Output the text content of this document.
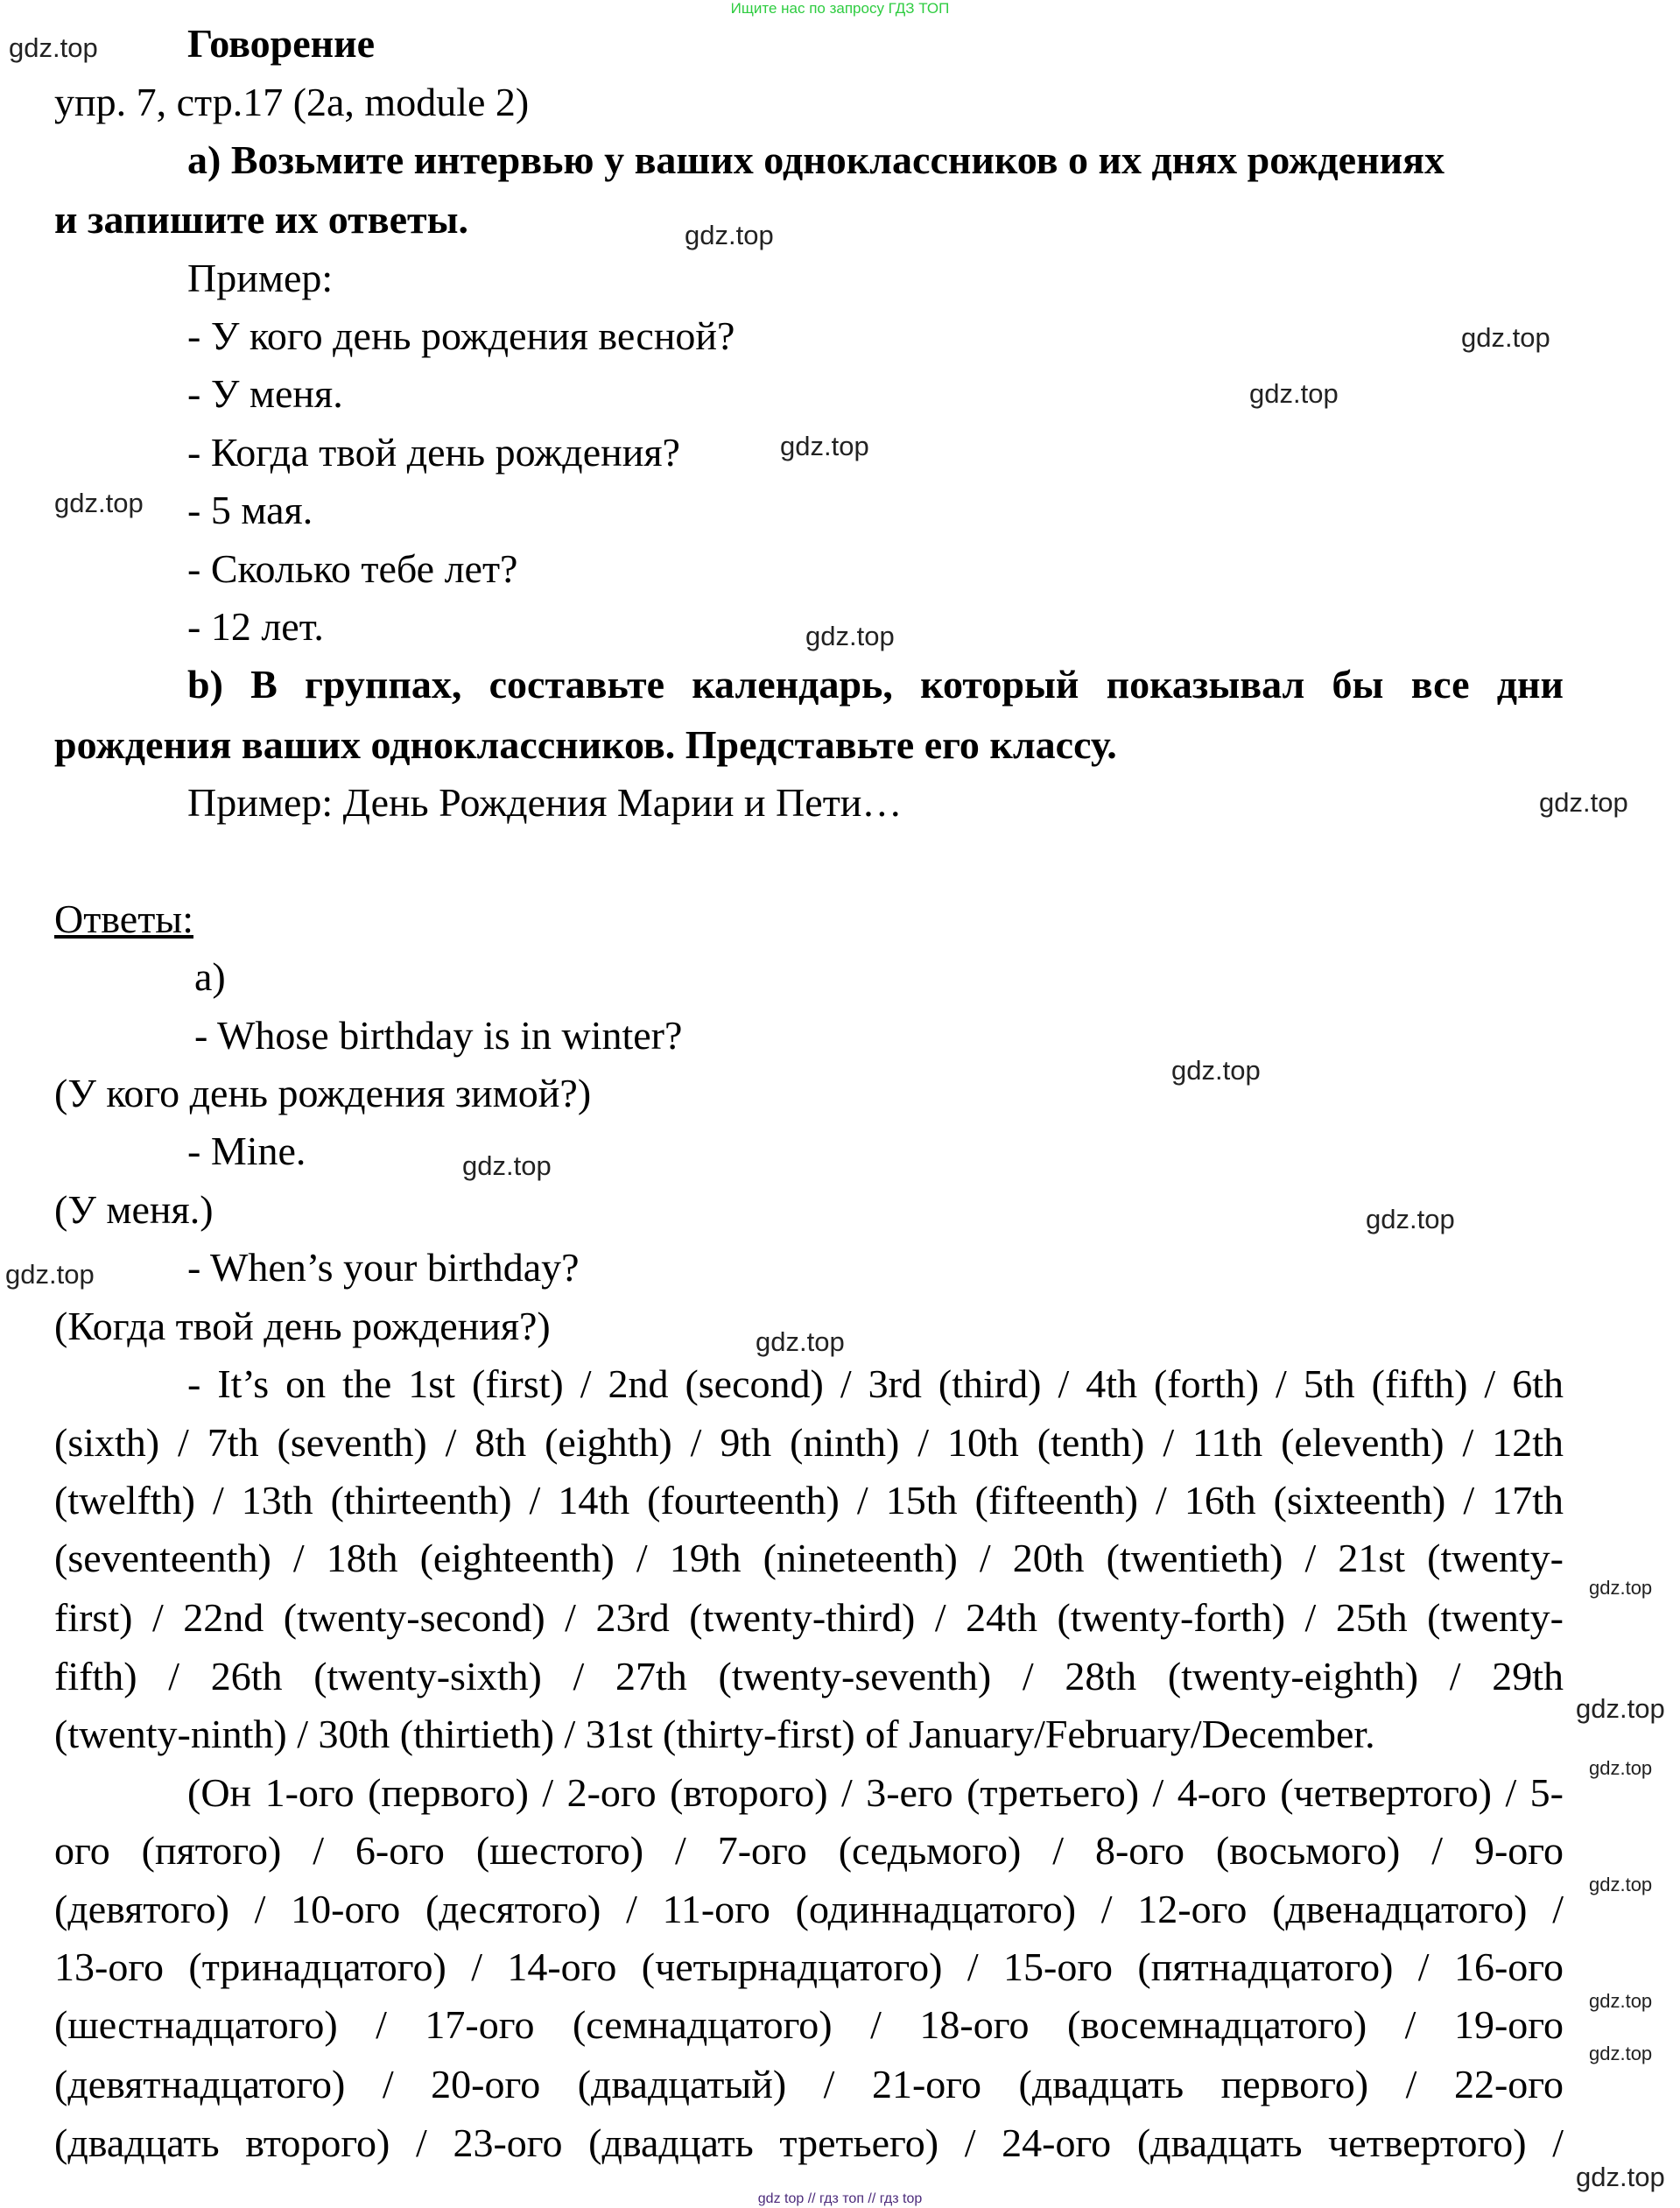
Ищите нас по запросу ГДЗ ТОП
Говорение
упр. 7, стр.17 (2a, module 2)
a) Возьмите интервью у ваших одноклассников о их днях рождениях
и запишите их ответы.
Пример:
- У кого день рождения весной?
- У меня.
- Когда твой день рождения?
- 5 мая.
- Сколько тебе лет?
- 12 лет.
b) В группах, составьте календарь, который показывал бы все дни
рождения ваших одноклассников. Представьте его классу.
Пример: День Рождения Марии и Пети…
Ответы:
a)
- Whose birthday is in winter?
(У кого день рождения зимой?)
- Mine.
(У меня.)
- When’s your birthday?
(Когда твой день рождения?)
- It’s on the 1st (first) / 2nd (second) / 3rd (third) / 4th (forth) / 5th (fifth) / 6th
(sixth) / 7th (seventh) / 8th (eighth) / 9th (ninth) / 10th (tenth) / 11th (eleventh) / 12th
(twelfth) / 13th (thirteenth) / 14th (fourteenth) / 15th (fifteenth) / 16th (sixteenth) / 17th
(seventeenth) / 18th (eighteenth) / 19th (nineteenth) / 20th (twentieth) / 21st (twenty-
first) / 22nd (twenty-second) / 23rd (twenty-third) / 24th (twenty-forth) / 25th (twenty-
fifth) / 26th (twenty-sixth) / 27th (twenty-seventh) / 28th (twenty-eighth) / 29th
(twenty-ninth) / 30th (thirtieth) / 31st (thirty-first) of January/February/December.
(Он 1-ого (первого) / 2-ого (второго) / 3-его (третьего) / 4-ого (четвертого) / 5-
ого (пятого) / 6-ого (шестого) / 7-ого (седьмого) / 8-ого (восьмого) / 9-ого
(девятого) / 10-ого (десятого) / 11-ого (одиннадцатого) / 12-ого (двенадцатого) /
13-ого (тринадцатого) / 14-ого (четырнадцатого) / 15-ого (пятнадцатого) / 16-ого
(шестнадцатого) / 17-ого (семнадцатого) / 18-ого (восемнадцатого) / 19-ого
(девятнадцатого) / 20-ого (двадцатый) / 21-ого (двадцать первого) / 22-ого
(двадцать второго) / 23-ого (двадцать третьего) / 24-ого (двадцать четвертого) /
gdz.top
gdz.top
gdz.top
gdz.top
gdz.top
gdz.top
gdz.top
gdz.top
gdz.top
gdz.top
gdz.top
gdz.top
gdz.top
gdz.top
gdz.top
gdz.top
gdz.top
gdz.top
gdz.top
gdz.top
gdz top // гдз топ // гдз top
